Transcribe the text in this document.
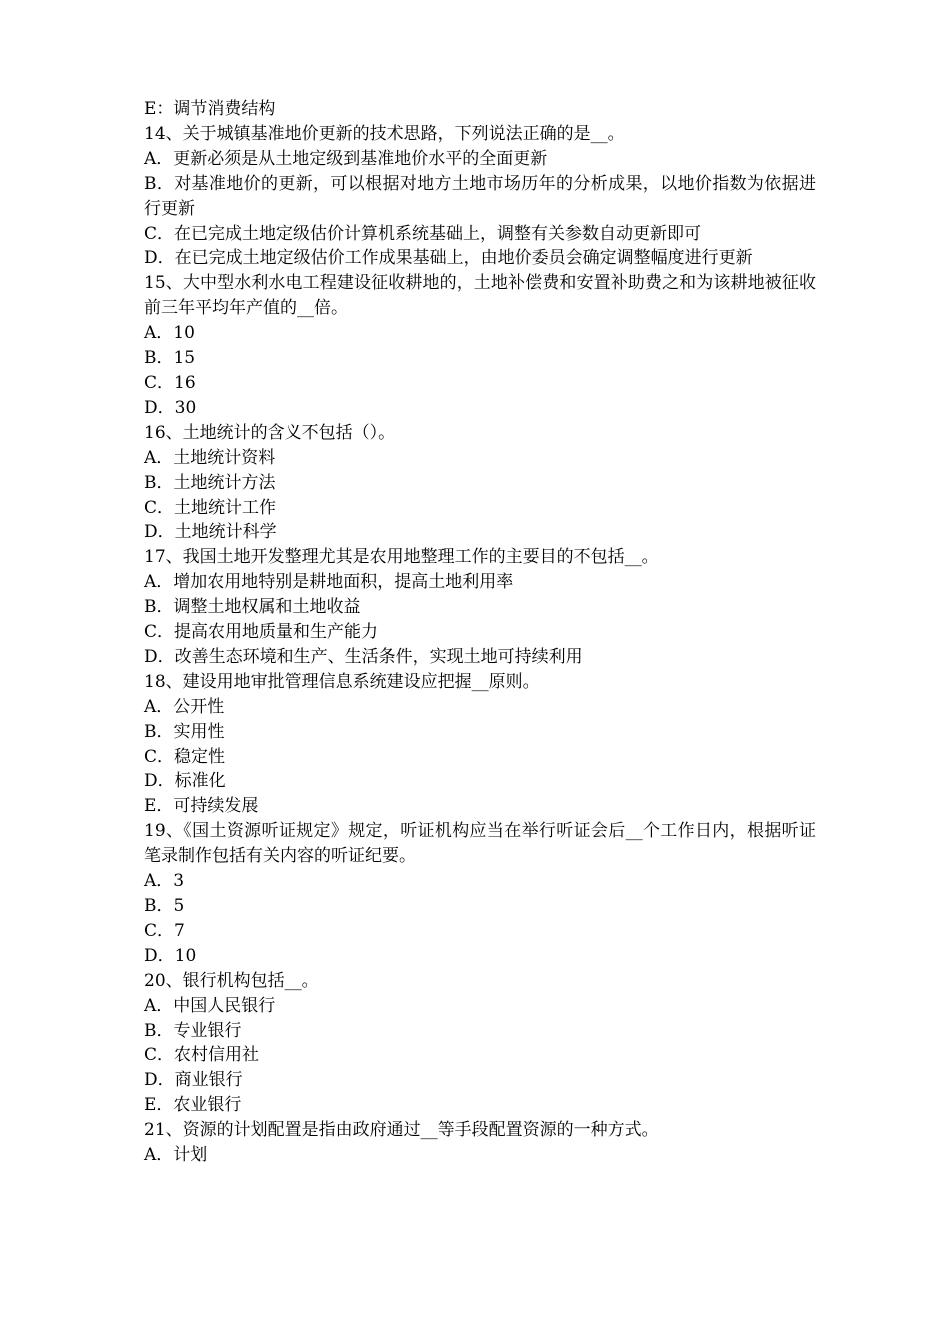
E：调节消费结构

14、关于城镇基准地价更新的技术思路，下列说法正确的是__。

A．更新必须是从土地定级到基准地价水平的全面更新

B．对基准地价的更新，可以根据对地方土地市场历年的分析成果，以地价指数为依据进行更新

C．在已完成土地定级估价计算机系统基础上，调整有关参数自动更新即可

D．在已完成土地定级估价工作成果基础上，由地价委员会确定调整幅度进行更新

15、大中型水利水电工程建设征收耕地的，土地补偿费和安置补助费之和为该耕地被征收前三年平均年产值的__倍。

A．10

B．15

C．16

D．30

16、土地统计的含义不包括（）。

A．土地统计资料

B．土地统计方法

C．土地统计工作

D．土地统计科学

17、我国土地开发整理尤其是农用地整理工作的主要目的不包括__。

A．增加农用地特别是耕地面积，提高土地利用率

B．调整土地权属和土地收益

C．提高农用地质量和生产能力

D．改善生态环境和生产、生活条件，实现土地可持续利用

18、建设用地审批管理信息系统建设应把握__原则。

A．公开性

B．实用性

C．稳定性

D．标准化

E．可持续发展

19、《国土资源听证规定》规定，听证机构应当在举行听证会后__个工作日内，根据听证笔录制作包括有关内容的听证纪要。

A．3

B．5

C．7

D．10

20、银行机构包括__。

A．中国人民银行

B．专业银行

C．农村信用社

D．商业银行

E．农业银行

21、资源的计划配置是指由政府通过__等手段配置资源的一种方式。

A．计划
